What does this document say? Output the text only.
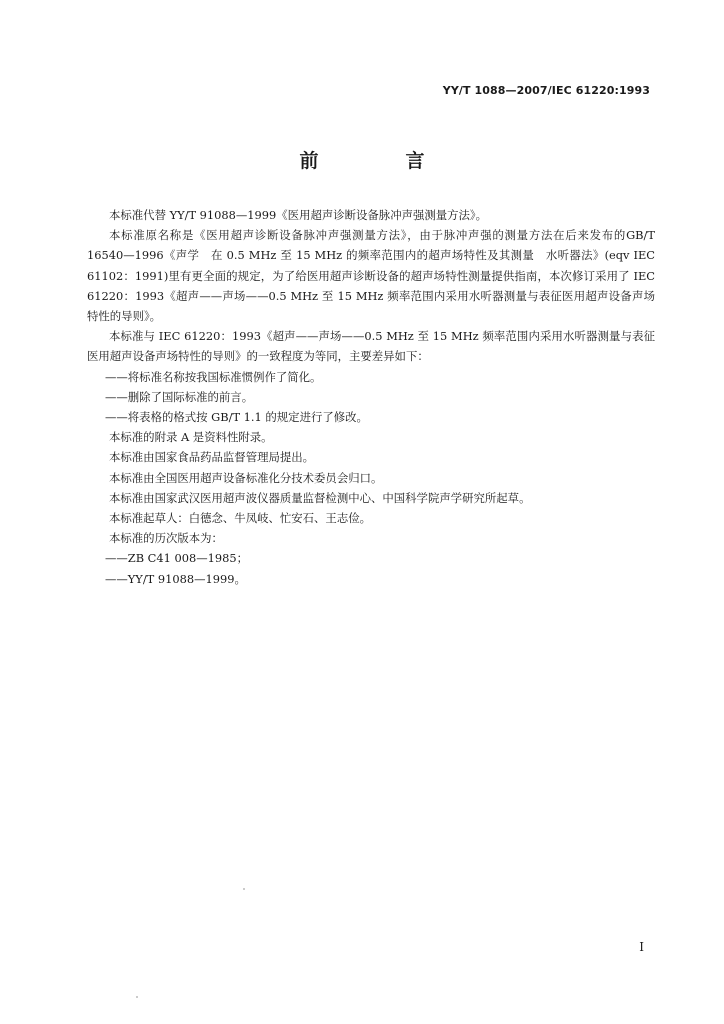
YY/T 1088—2007/IEC 61220:1993
前　言

本标准代替 YY/T 91088—1999《医用超声诊断设备脉冲声强测量方法》。

本标准原名称是《医用超声诊断设备脉冲声强测量方法》，由于脉冲声强的测量方法在后来发布的GB/T 16540—1996《声学　在 0.5 MHz 至 15 MHz 的频率范围内的超声场特性及其测量　水听器法》(eqv IEC 61102：1991)里有更全面的规定，为了给医用超声诊断设备的超声场特性测量提供指南，本次修订采用了 IEC 61220：1993《超声——声场——0.5 MHz 至 15 MHz 频率范围内采用水听器测量与表征医用超声设备声场特性的导则》。

本标准与 IEC 61220：1993《超声——声场——0.5 MHz 至 15 MHz 频率范围内采用水听器测量与表征医用超声设备声场特性的导则》的一致程度为等同，主要差异如下：

——将标准名称按我国标准惯例作了简化。

——删除了国际标准的前言。

——将表格的格式按 GB/T 1.1 的规定进行了修改。

本标准的附录 A 是资料性附录。

本标准由国家食品药品监督管理局提出。

本标准由全国医用超声设备标准化分技术委员会归口。

本标准由国家武汉医用超声波仪器质量监督检测中心、中国科学院声学研究所起草。

本标准起草人：白德念、牛凤岐、忙安石、王志俭。

本标准的历次版本为：

——ZB C41 008—1985；

——YY/T 91088—1999。

I
